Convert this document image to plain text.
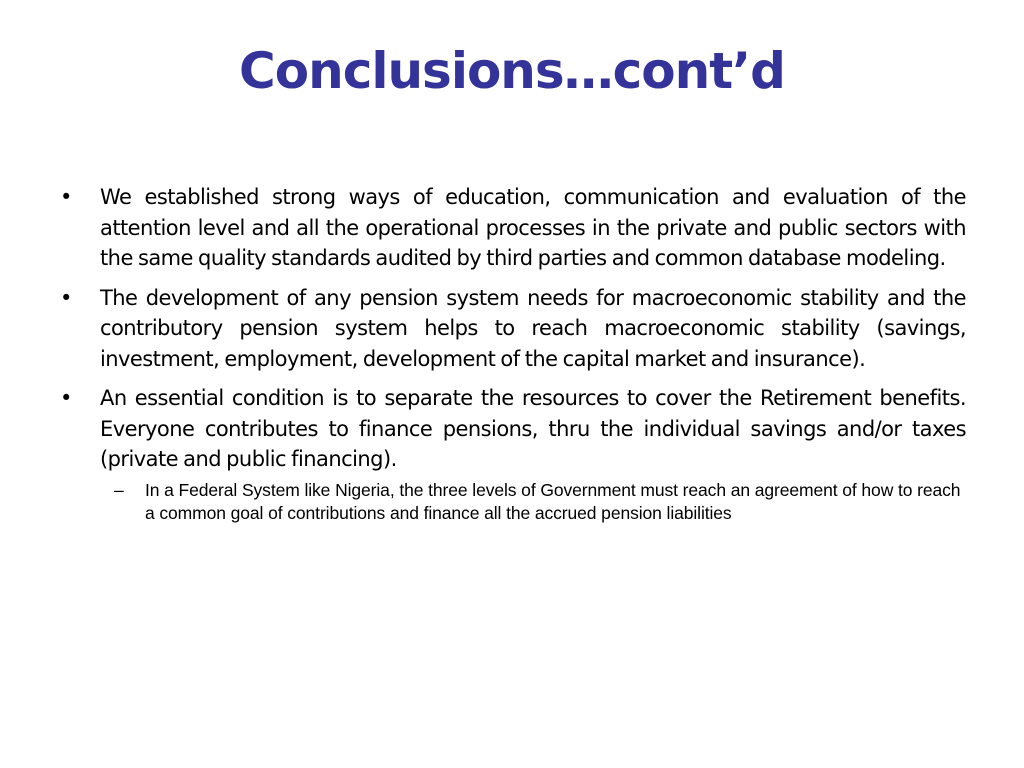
Conclusions…cont’d
•	We established strong ways of education, communication and evaluation of the attention level and all the operational processes in the private and public sectors with the same quality standards audited by third parties and common database modeling.
•	The development of any pension system needs for macroeconomic stability and the contributory pension system helps to reach macroeconomic stability (savings, investment, employment, development of the capital market and insurance).
•	An essential condition is to separate the resources to cover the Retirement benefits. Everyone contributes to finance pensions, thru the individual savings and/or taxes (private and public financing).
– In a Federal System like Nigeria, the three levels of Government must reach an agreement of how to reach a common goal of contributions and finance all the accrued pension liabilities
